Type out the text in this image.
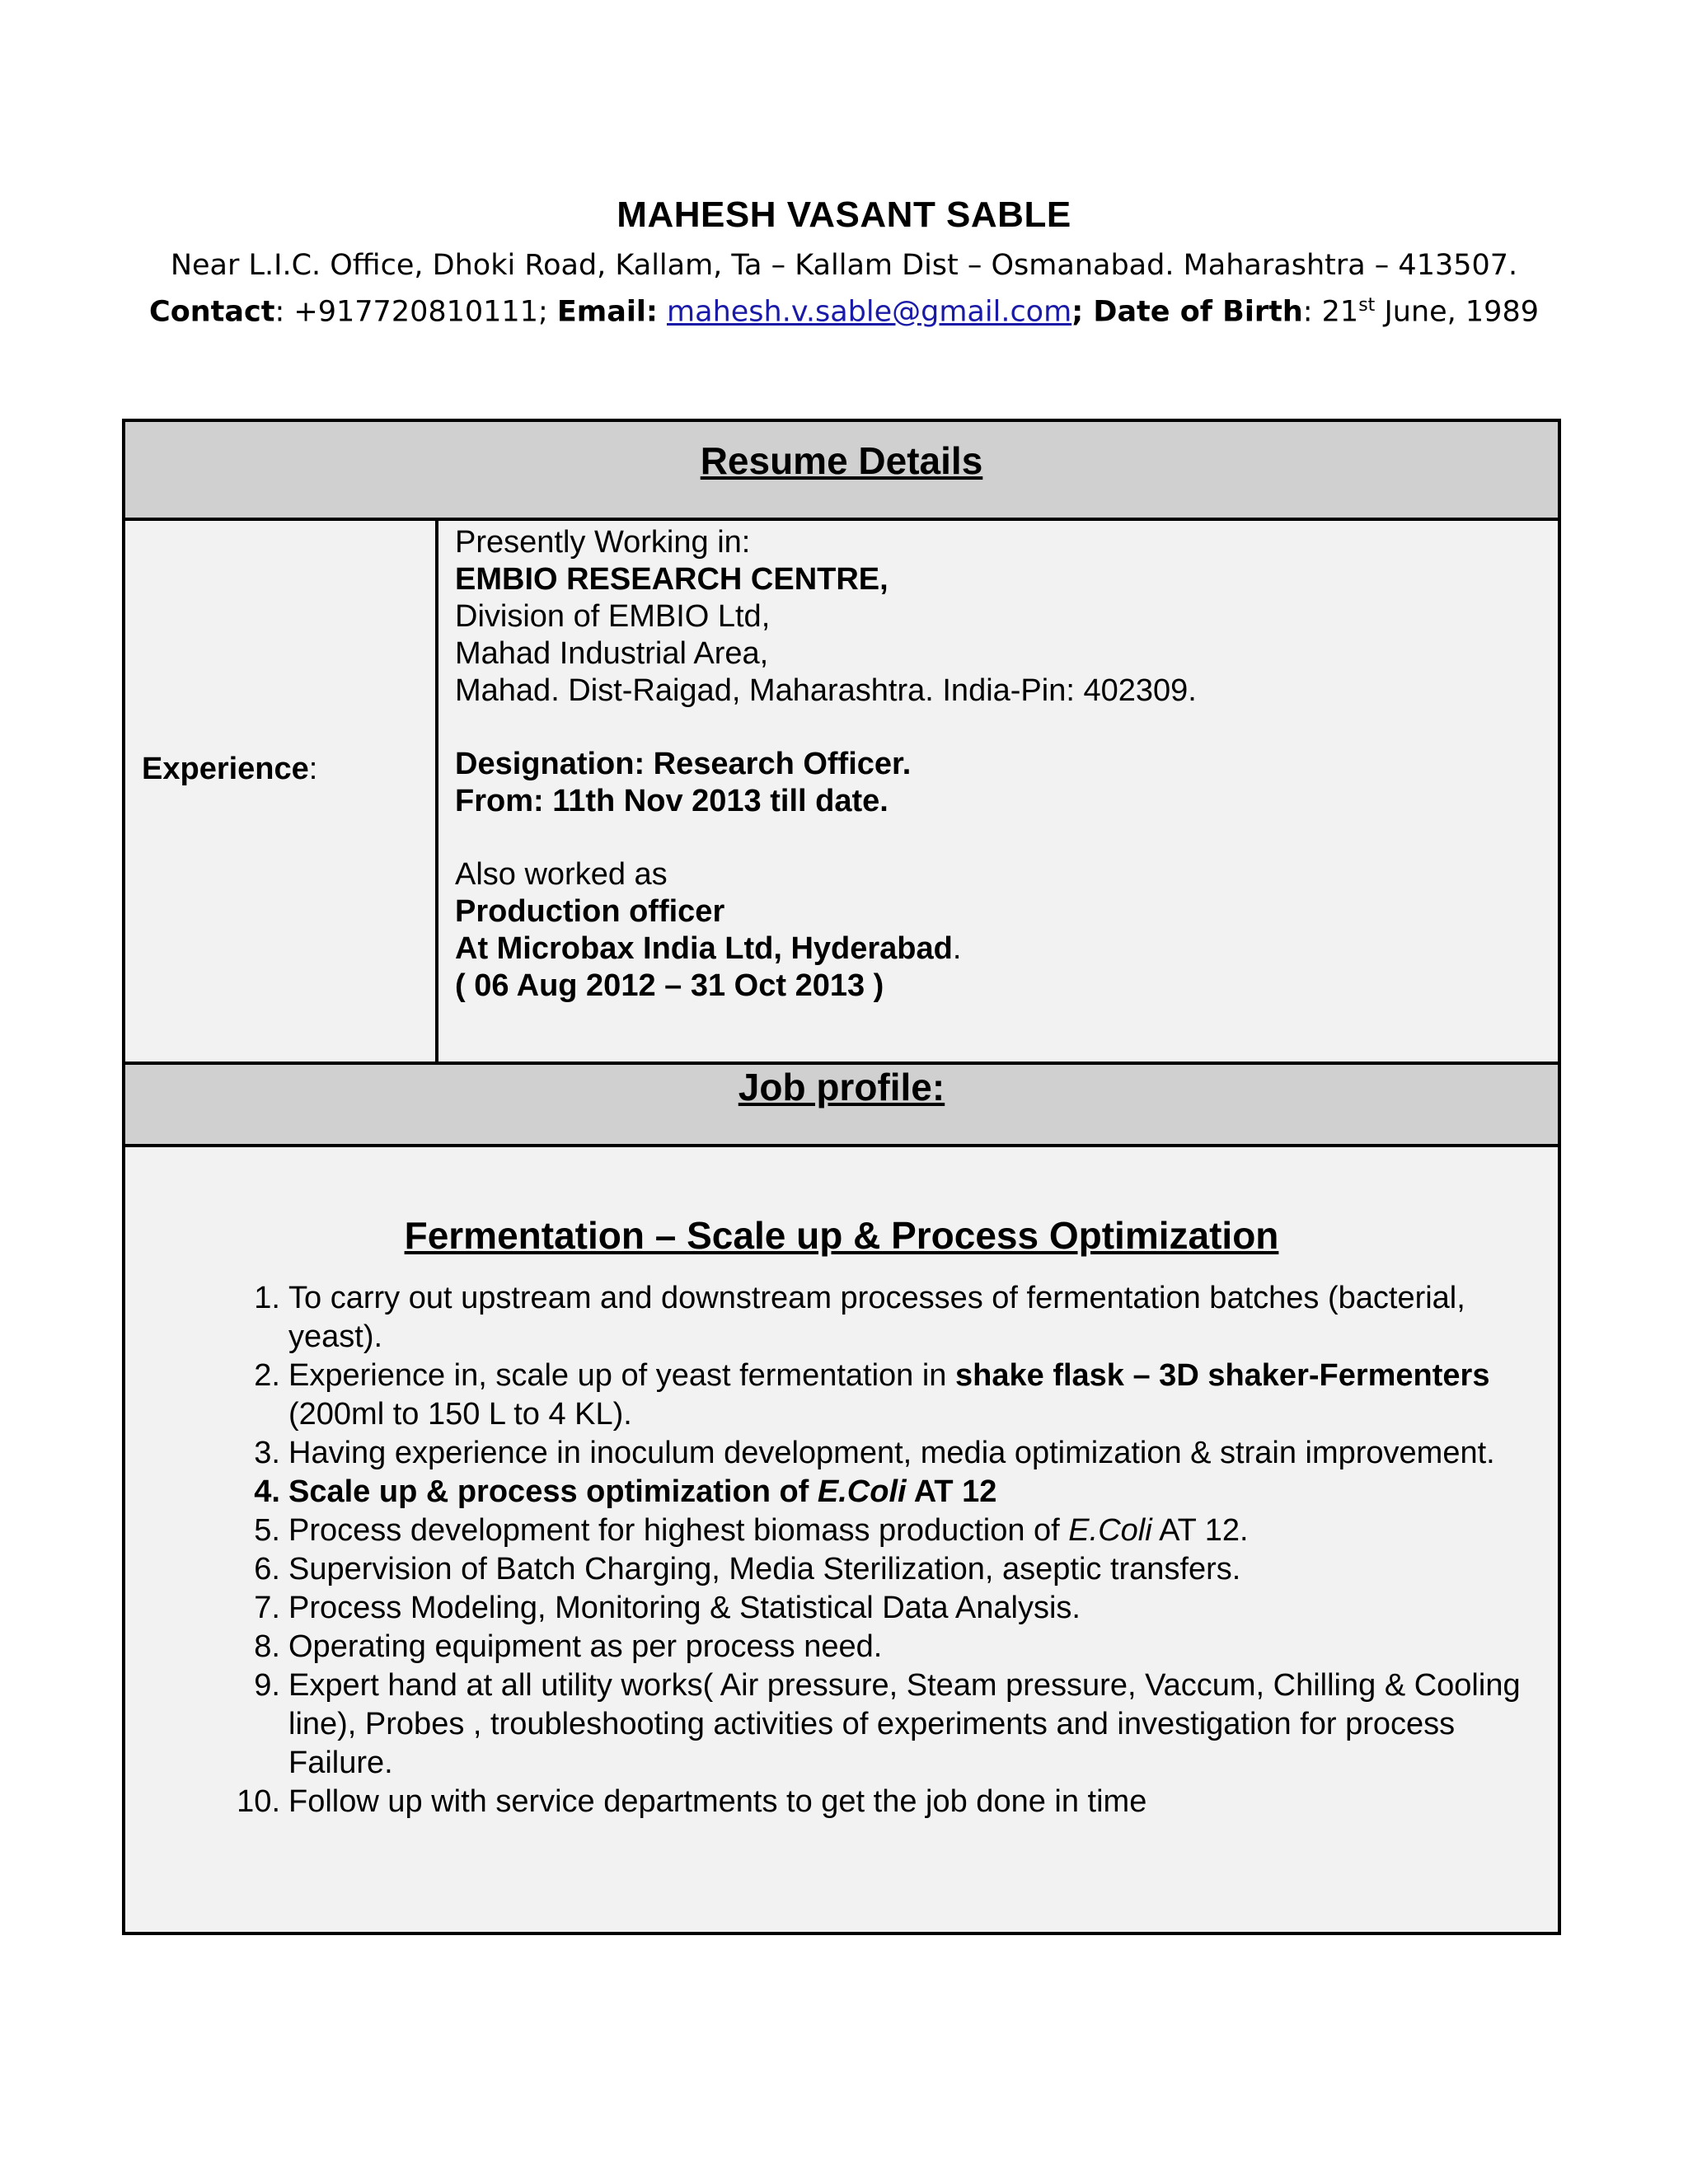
MAHESH VASANT SABLE
Near L.I.C. Office, Dhoki Road, Kallam, Ta – Kallam Dist – Osmanabad. Maharashtra – 413507.
Contact: +917720810111; Email: mahesh.v.sable@gmail.com; Date of Birth: 21st June, 1989
Resume Details
Experience:
Presently Working in:
EMBIO RESEARCH CENTRE,
Division of EMBIO Ltd,
Mahad Industrial Area,
Mahad. Dist-Raigad, Maharashtra. India-Pin: 402309.
Designation: Research Officer.
From: 11th Nov 2013 till date.
Also worked as
Production officer
At Microbax India Ltd, Hyderabad.
( 06 Aug 2012 – 31 Oct 2013 )
Job profile:
Fermentation – Scale up & Process Optimization
1. To carry out upstream and downstream processes of fermentation batches (bacterial, yeast).
2. Experience in, scale up of yeast fermentation in shake flask – 3D shaker-Fermenters (200ml to 150 L to 4 KL).
3. Having experience in inoculum development, media optimization & strain improvement.
4. Scale up & process optimization of E.Coli AT 12
5. Process development for highest biomass production of E.Coli AT 12.
6. Supervision of Batch Charging, Media Sterilization, aseptic transfers.
7. Process Modeling, Monitoring & Statistical Data Analysis.
8. Operating equipment as per process need.
9. Expert hand at all utility works( Air pressure, Steam pressure, Vaccum, Chilling & Cooling line), Probes , troubleshooting activities of experiments and investigation for process Failure.
10. Follow up with service departments to get the job done in time
